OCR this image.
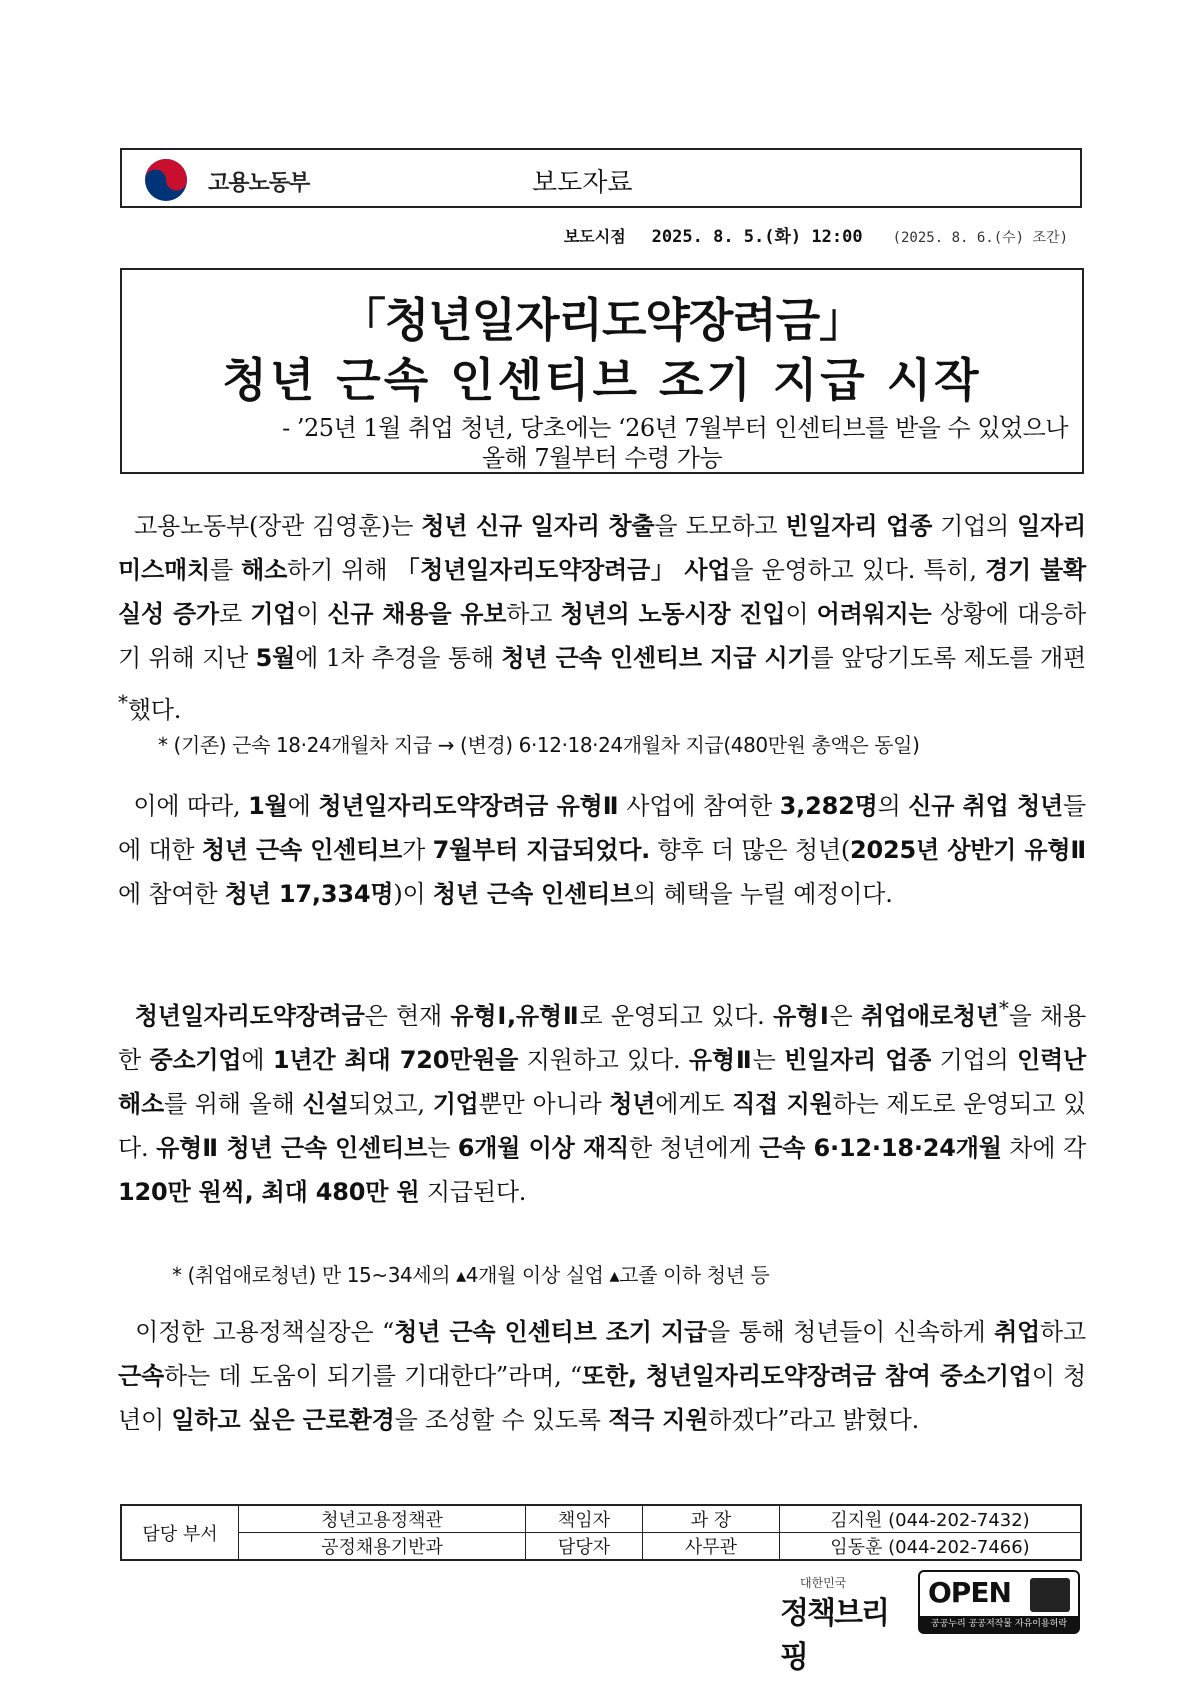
고용노동부	보도자료
보도시점 2025. 8. 5.(화) 12:00 (2025. 8. 6.(수) 조간)
「청년일자리도약장려금」
청년 근속 인센티브 조기 지급 시작
- ’25년 1월 취업 청년, 당초에는 ‘26년 7월부터 인센티브를 받을 수 있었으나
올해 7월부터 수령 가능
고용노동부(장관 김영훈)는 청년 신규 일자리 창출을 도모하고 빈일자리 업종 기업의 일자리 미스매치를 해소하기 위해 「청년일자리도약장려금」 사업을 운영하고 있다. 특히, 경기 불확실성 증가로 기업이 신규 채용을 유보하고 청년의 노동시장 진입이 어려워지는 상황에 대응하기 위해 지난 5월에 1차 추경을 통해 청년 근속 인센티브 지급 시기를 앞당기도록 제도를 개편*했다.
* (기존) 근속 18·24개월차 지급 → (변경) 6·12·18·24개월차 지급(480만원 총액은 동일)
이에 따라, 1월에 청년일자리도약장려금 유형Ⅱ 사업에 참여한 3,282명의 신규 취업 청년들에 대한 청년 근속 인센티브가 7월부터 지급되었다. 향후 더 많은 청년(2025년 상반기 유형Ⅱ에 참여한 청년 17,334명)이 청년 근속 인센티브의 혜택을 누릴 예정이다.
청년일자리도약장려금은 현재 유형Ⅰ,유형Ⅱ로 운영되고 있다. 유형Ⅰ은 취업애로청년*을 채용한 중소기업에 1년간 최대 720만원을 지원하고 있다. 유형Ⅱ는 빈일자리 업종 기업의 인력난 해소를 위해 올해 신설되었고, 기업뿐만 아니라 청년에게도 직접 지원하는 제도로 운영되고 있다. 유형Ⅱ 청년 근속 인센티브는 6개월 이상 재직한 청년에게 근속 6·12·18·24개월 차에 각 120만 원씩, 최대 480만 원 지급된다.
* (취업애로청년) 만 15~34세의 ▴4개월 이상 실업 ▴고졸 이하 청년 등
이정한 고용정책실장은 “청년 근속 인센티브 조기 지급을 통해 청년들이 신속하게 취업하고 근속하는 데 도움이 되기를 기대한다”라며, “또한, 청년일자리도약장려금 참여 중소기업이 청년이 일하고 싶은 근로환경을 조성할 수 있도록 적극 지원하겠다”라고 밝혔다.
담당 부서	청년고용정책관	책임자	과 장	김지원 (044-202-7432)
	공정채용기반과	담당자	사무관	임동훈 (044-202-7466)
대한민국
정책브리핑
OPEN
공공누리 공공저작물 자유이용허락
